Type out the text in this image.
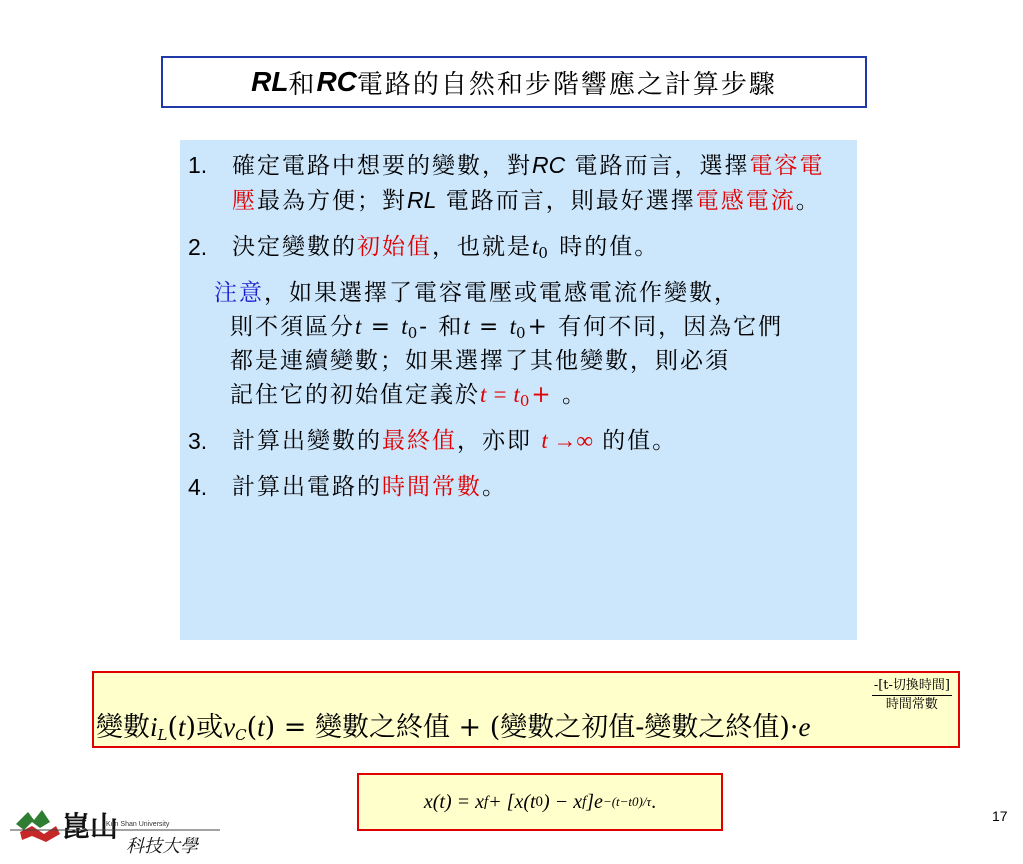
RL 和 RC 電路的自然和步階響應之計算步驟
1. 確定電路中想要的變數，對RC 電路而言，選擇電容電壓最為方便；對RL 電路而言，則最好選擇電感電流。
2. 決定變數的初始值，也就是$t_0$ 時的值。
注意，如果選擇了電容電壓或電感電流作變數，
則不須區分$t = t_0-$ 和$t = t_0+$ 有何不同，因為它們
都是連續變數；如果選擇了其他變數，則必須
記住它的初始值定義於$t = t_0+$ 。
3. 計算出變數的最終值，亦即 t →∞ 的值。
4. 計算出電路的時間常數。
變數$i_L(t)$或$v_C(t)$ = 變數之終值 + (變數之初值-變數之終值)·e
-[t-切換時間]
時間常數
x(t) = x f + [x(t 0 ) − x f ]e −(t−t0)/τ .
崑山
Kun Shan University
科技大學
17
